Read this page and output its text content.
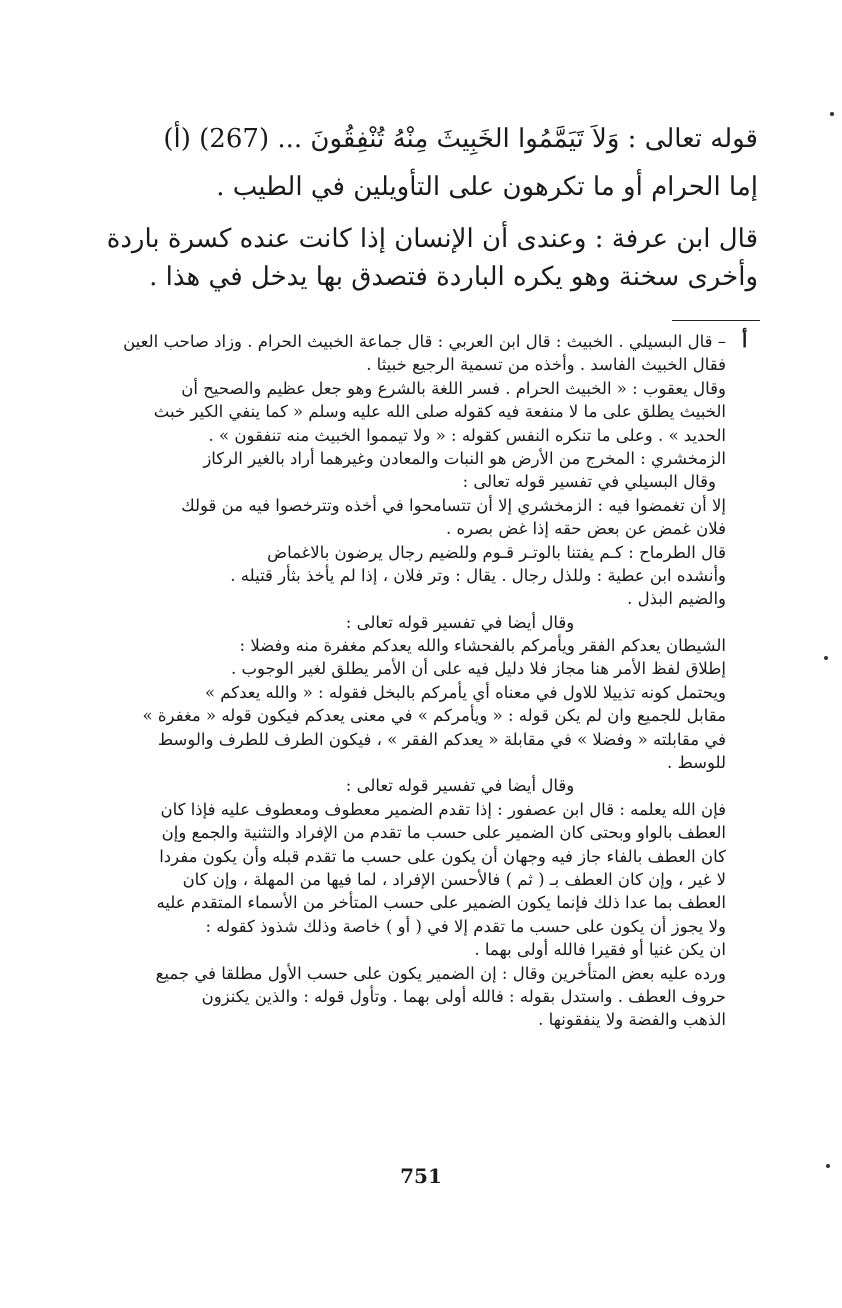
قوله تعالى : وَلاَ تَيَمَّمُوا الخَبِيثَ مِنْهُ تُنْفِقُونَ ... (267) (أ)

إما الحرام أو ما تكرهون على التأويلين في الطيب .

قال ابن عرفة : وعندى أن الإنسان إذا كانت عنده كسرة باردة

وأخرى سخنة وهو يكره الباردة فتصدق بها يدخل في هذا .

أ

– قال البسيلي . الخبيث : قال ابن العربي : قال جماعة الخبيث الحرام . وزاد صاحب العين

فقال الخبيث الفاسد . وأخذه من تسمية الرجيع خبيثا .

وقال يعقوب : « الخبيث الحرام . فسر اللغة بالشرع وهو جعل عظيم والصحيح أن

الخبيث يطلق على ما لا منفعة فيه كقوله صلى الله عليه وسلم « كما ينفي الكير خبث

الحديد » . وعلى ما تنكره النفس كقوله : « ولا تيمموا الخبيث منه تنفقون » .

الزمخشري : المخرج من الأرض هو النبات والمعادن وغيرهما أراد بالغير الركاز

وقال البسيلي في تفسير قوله تعالى :

إلا أن تغمضوا فيه : الزمخشري إلا أن تتسامحوا في أخذه وتترخصوا فيه من قولك

فلان غمض عن بعض حقه إذا غض بصره .

قال الطرماح : كـم يفتنا بالوتـر قـوم وللضيم رجال يرضون بالاغماض

وأنشده ابن عطية : وللذل رجال . يقال : وتر فلان ، إذا لم يأخذ بثأر قتيله .

والضيم البذل .

وقال أيضا في تفسير قوله تعالى :

الشيطان يعدكم الفقر ويأمركم بالفحشاء والله يعدكم مغفرة منه وفضلا :

إطلاق لفظ الأمر هنا مجاز فلا دليل فيه على أن الأمر يطلق لغير الوجوب .

ويحتمل كونه تذييلا للاول في معناه أي يأمركم بالبخل فقوله : « والله يعدكم »

مقابل للجميع وان لم يكن قوله : « ويأمركم » في معنى يعدكم فيكون قوله « مغفرة »

في مقابلته « وفضلا » في مقابلة « يعدكم الفقر » ، فيكون الطرف للطرف والوسط

للوسط .

وقال أيضا في تفسير قوله تعالى :

فإن الله يعلمه : قال ابن عصفور : إذا تقدم الضمير معطوف ومعطوف عليه فإذا كان

العطف بالواو وبحتى كان الضمير على حسب ما تقدم من الإفراد والتثنية والجمع وإن

كان العطف بالفاء جاز فيه وجهان أن يكون على حسب ما تقدم قبله وأن يكون مفردا

لا غير ، وإن كان العطف بـ ( ثم ) فالأحسن الإفراد ، لما فيها من المهلة ، وإن كان

العطف بما عدا ذلك فإنما يكون الضمير على حسب المتأخر من الأسماء المتقدم عليه

ولا يجوز أن يكون على حسب ما تقدم إلا في ( أو ) خاصة وذلك شذوذ كقوله :

ان يكن غنيا أو فقيرا فالله أولى بهما .

ورده عليه بعض المتأخرين وقال : إن الضمير يكون على حسب الأول مطلقا في جميع

حروف العطف . واستدل بقوله : فالله أولى بهما . وتأول قوله : والذين يكنزون

الذهب والفضة ولا ينفقونها .

751
